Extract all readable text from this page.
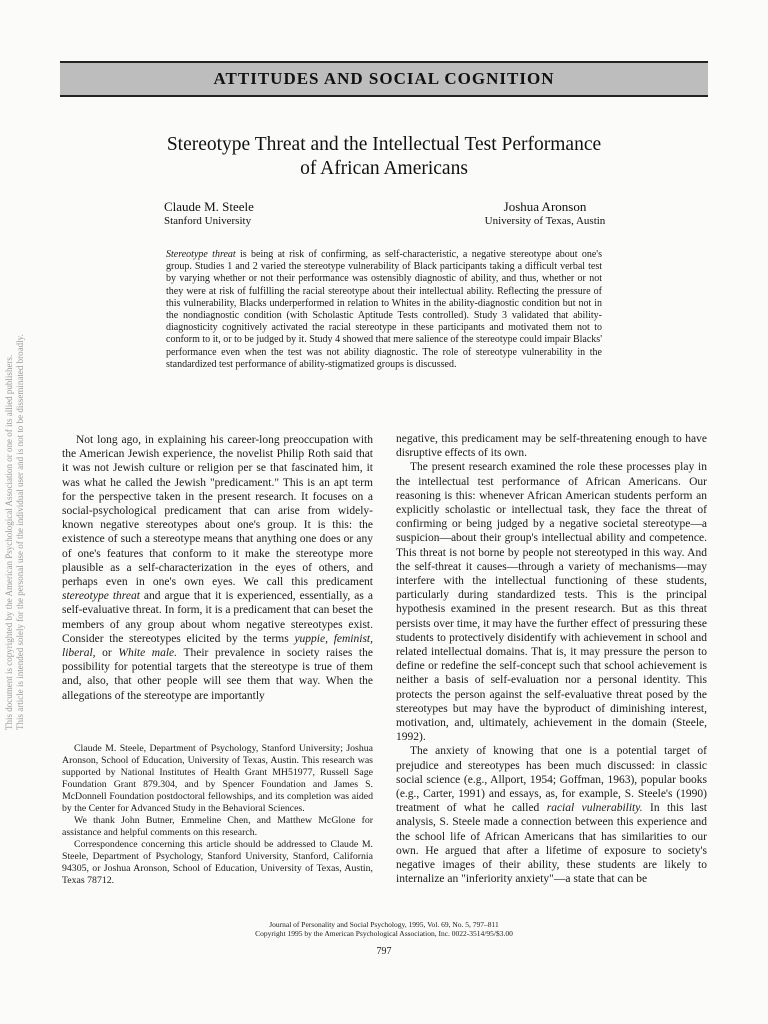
This document is copyrighted by the American Psychological Association or one of its allied publishers. This article is intended solely for the personal use of the individual user and is not to be disseminated broadly.
ATTITUDES AND SOCIAL COGNITION
Stereotype Threat and the Intellectual Test Performance
of African Americans
Claude M. Steele
Stanford University
Joshua Aronson
University of Texas, Austin
Stereotype threat is being at risk of confirming, as self-characteristic, a negative stereotype about one's group. Studies 1 and 2 varied the stereotype vulnerability of Black participants taking a difficult verbal test by varying whether or not their performance was ostensibly diagnostic of ability, and thus, whether or not they were at risk of fulfilling the racial stereotype about their intellectual ability. Reflecting the pressure of this vulnerability, Blacks underperformed in relation to Whites in the ability-diagnostic condition but not in the nondiagnostic condition (with Scholastic Aptitude Tests controlled). Study 3 validated that ability-diagnosticity cognitively activated the racial stereotype in these participants and motivated them not to conform to it, or to be judged by it. Study 4 showed that mere salience of the stereotype could impair Blacks' performance even when the test was not ability diagnostic. The role of stereotype vulnerability in the standardized test performance of ability-stigmatized groups is discussed.

Not long ago, in explaining his career-long preoccupation with the American Jewish experience, the novelist Philip Roth said that it was not Jewish culture or religion per se that fascinated him, it was what he called the Jewish "predicament." This is an apt term for the perspective taken in the present research. It focuses on a social-psychological predicament that can arise from widely-known negative stereotypes about one's group. It is this: the existence of such a stereotype means that anything one does or any of one's features that conform to it make the stereotype more plausible as a self-characterization in the eyes of others, and perhaps even in one's own eyes. We call this predicament stereotype threat and argue that it is experienced, essentially, as a self-evaluative threat. In form, it is a predicament that can beset the members of any group about whom negative stereotypes exist. Consider the stereotypes elicited by the terms yuppie, feminist, liberal, or White male. Their prevalence in society raises the possibility for potential targets that the stereotype is true of them and, also, that other people will see them that way. When the allegations of the stereotype are importantly

Claude M. Steele, Department of Psychology, Stanford University; Joshua Aronson, School of Education, University of Texas, Austin. This research was supported by National Institutes of Health Grant MH51977, Russell Sage Foundation Grant 879.304, and by Spencer Foundation and James S. McDonnell Foundation postdoctoral fellowships, and its completion was aided by the Center for Advanced Study in the Behavioral Sciences.

We thank John Butner, Emmeline Chen, and Matthew McGlone for assistance and helpful comments on this research.

Correspondence concerning this article should be addressed to Claude M. Steele, Department of Psychology, Stanford University, Stanford, California 94305, or Joshua Aronson, School of Education, University of Texas, Austin, Texas 78712.

negative, this predicament may be self-threatening enough to have disruptive effects of its own.

The present research examined the role these processes play in the intellectual test performance of African Americans. Our reasoning is this: whenever African American students perform an explicitly scholastic or intellectual task, they face the threat of confirming or being judged by a negative societal stereotype—a suspicion—about their group's intellectual ability and competence. This threat is not borne by people not stereotyped in this way. And the self-threat it causes—through a variety of mechanisms—may interfere with the intellectual functioning of these students, particularly during standardized tests. This is the principal hypothesis examined in the present research. But as this threat persists over time, it may have the further effect of pressuring these students to protectively disidentify with achievement in school and related intellectual domains. That is, it may pressure the person to define or redefine the self-concept such that school achievement is neither a basis of self-evaluation nor a personal identity. This protects the person against the self-evaluative threat posed by the stereotypes but may have the byproduct of diminishing interest, motivation, and, ultimately, achievement in the domain (Steele, 1992).

The anxiety of knowing that one is a potential target of prejudice and stereotypes has been much discussed: in classic social science (e.g., Allport, 1954; Goffman, 1963), popular books (e.g., Carter, 1991) and essays, as, for example, S. Steele's (1990) treatment of what he called racial vulnerability. In this last analysis, S. Steele made a connection between this experience and the school life of African Americans that has similarities to our own. He argued that after a lifetime of exposure to society's negative images of their ability, these students are likely to internalize an "inferiority anxiety"—a state that can be

Journal of Personality and Social Psychology, 1995, Vol. 69, No. 5, 797–811
Copyright 1995 by the American Psychological Association, Inc. 0022-3514/95/$3.00
797
